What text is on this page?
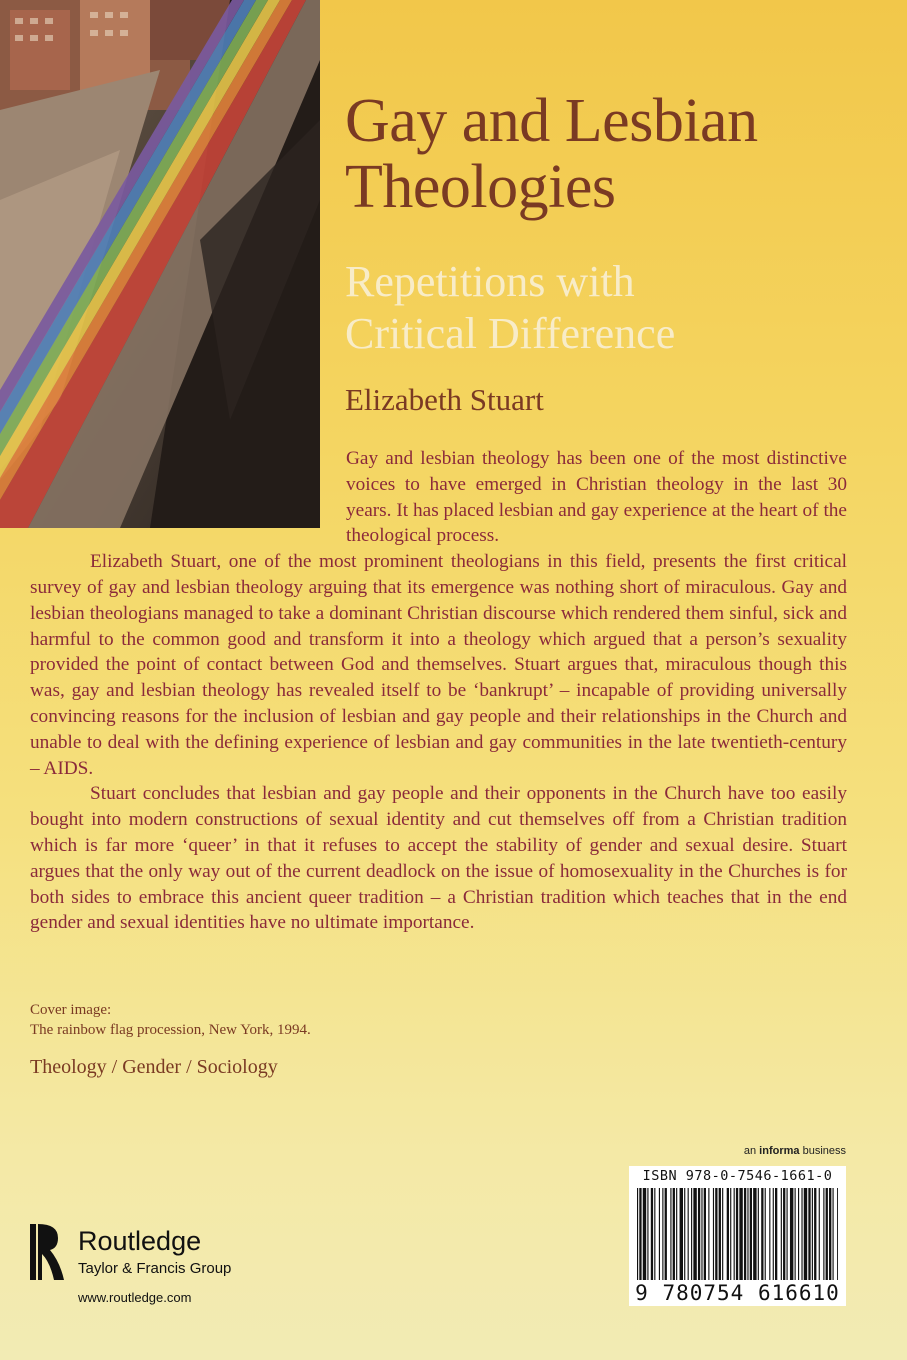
Gay and Lesbian
Theologies
Repetitions with
Critical Difference
Elizabeth Stuart

Gay and lesbian theology has been one of the most distinctive voices to have emerged in Christian theology in the last 30 years. It has placed lesbian and gay experience at the heart of the theological process.

Elizabeth Stuart, one of the most prominent theologians in this field, presents the first critical survey of gay and lesbian theology arguing that its emergence was nothing short of miraculous. Gay and lesbian theologians managed to take a dominant Christian discourse which rendered them sinful, sick and harmful to the common good and transform it into a theology which argued that a person’s sexuality provided the point of contact between God and themselves. Stuart argues that, miraculous though this was, gay and lesbian theology has revealed itself to be ‘bankrupt’ – incapable of providing universally convincing reasons for the inclusion of lesbian and gay people and their relationships in the Church and unable to deal with the defining experience of lesbian and gay communities in the late twentieth-century – AIDS.

Stuart concludes that lesbian and gay people and their opponents in the Church have too easily bought into modern constructions of sexual identity and cut themselves off from a Christian tradition which is far more ‘queer’ in that it refuses to accept the stability of gender and sexual desire. Stuart argues that the only way out of the current deadlock on the issue of homosexuality in the Churches is for both sides to embrace this ancient queer tradition – a Christian tradition which teaches that in the end gender and sexual identities have no ultimate importance.

Cover image:
The rainbow flag procession, New York, 1994.
Theology / Gender / Sociology
an informa business
ISBN 978-0-7546-1661-0
9 780754 616610
Routledge
Taylor & Francis Group
www.routledge.com
